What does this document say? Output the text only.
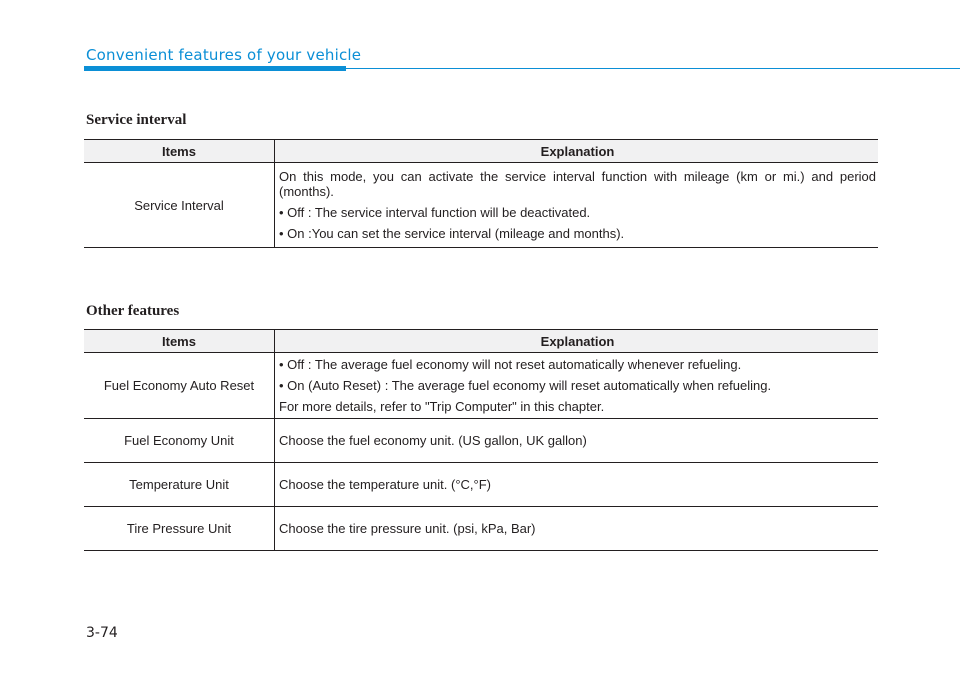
Convenient features of your vehicle
Service interval
Items	Explanation
Service Interval	On this mode, you can activate the service interval function with mileage (km or mi.) and period (months).

• Off : The service interval function will be deactivated.

• On :You can set the service interval (mileage and months).

Other features
Items	Explanation
Fuel Economy Auto Reset	• Off : The average fuel economy will not reset automatically whenever refueling.

• On (Auto Reset) : The average fuel economy will reset automatically when refueling.

For more details, refer to "Trip Computer" in this chapter.

Fuel Economy Unit	Choose the fuel economy unit. (US gallon, UK gallon)

Temperature Unit	Choose the temperature unit. (°C,°F)

Tire Pressure Unit	Choose the tire pressure unit. (psi, kPa, Bar)

3-74
